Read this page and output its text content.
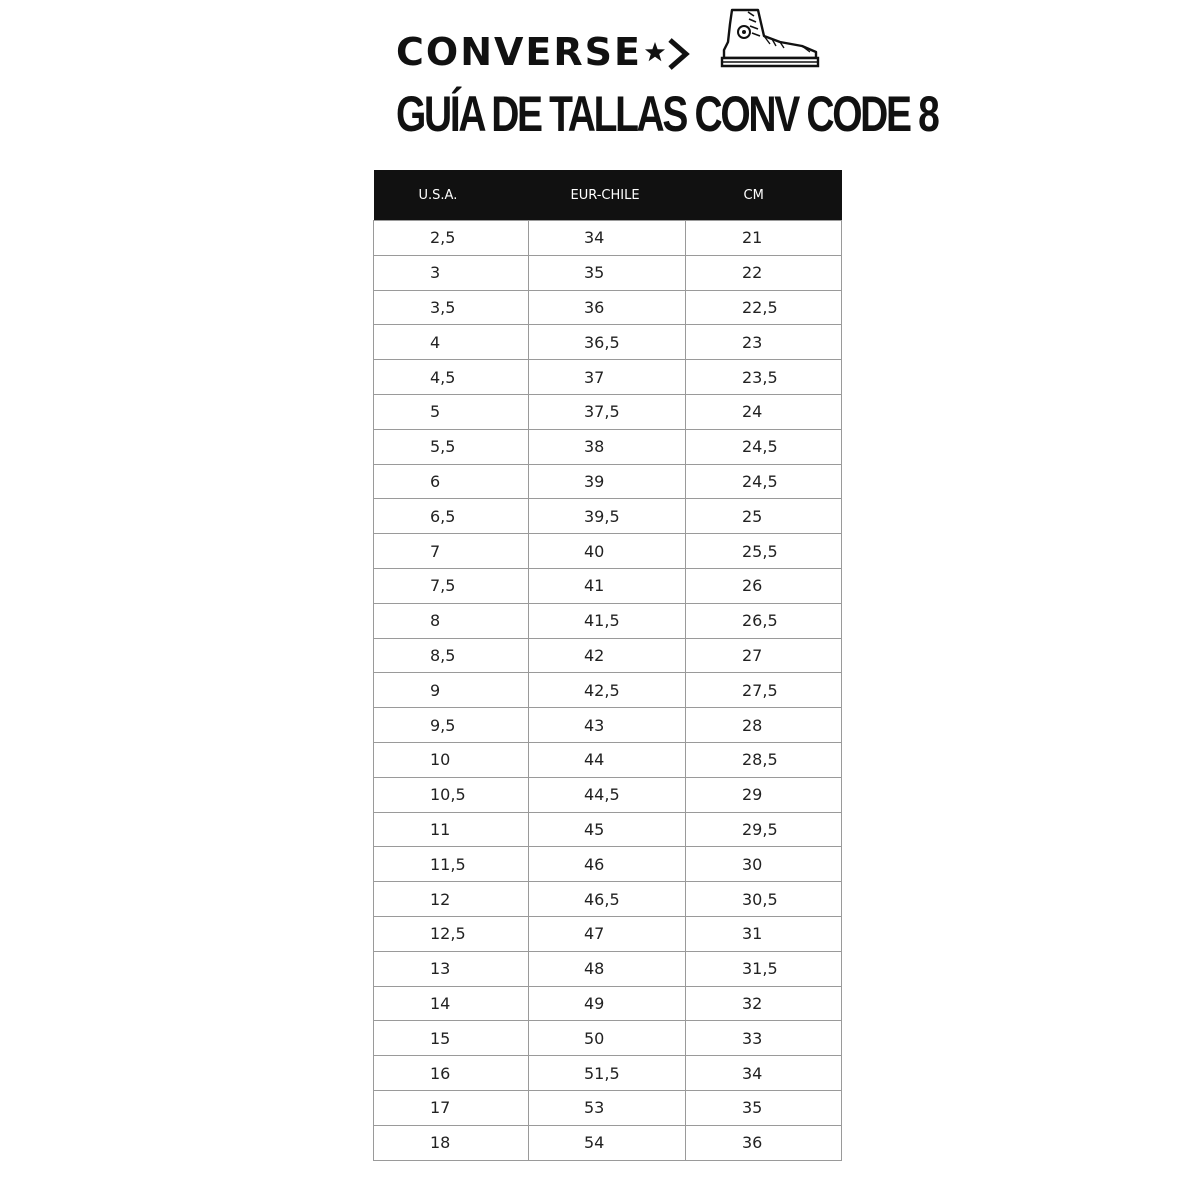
CONVERSE
GUÍA DE TALLAS CONV CODE 8
U.S.A.	EUR-CHILE	CM
2,5	34	21
3	35	22
3,5	36	22,5
4	36,5	23
4,5	37	23,5
5	37,5	24
5,5	38	24,5
6	39	24,5
6,5	39,5	25
7	40	25,5
7,5	41	26
8	41,5	26,5
8,5	42	27
9	42,5	27,5
9,5	43	28
10	44	28,5
10,5	44,5	29
11	45	29,5
11,5	46	30
12	46,5	30,5
12,5	47	31
13	48	31,5
14	49	32
15	50	33
16	51,5	34
17	53	35
18	54	36
